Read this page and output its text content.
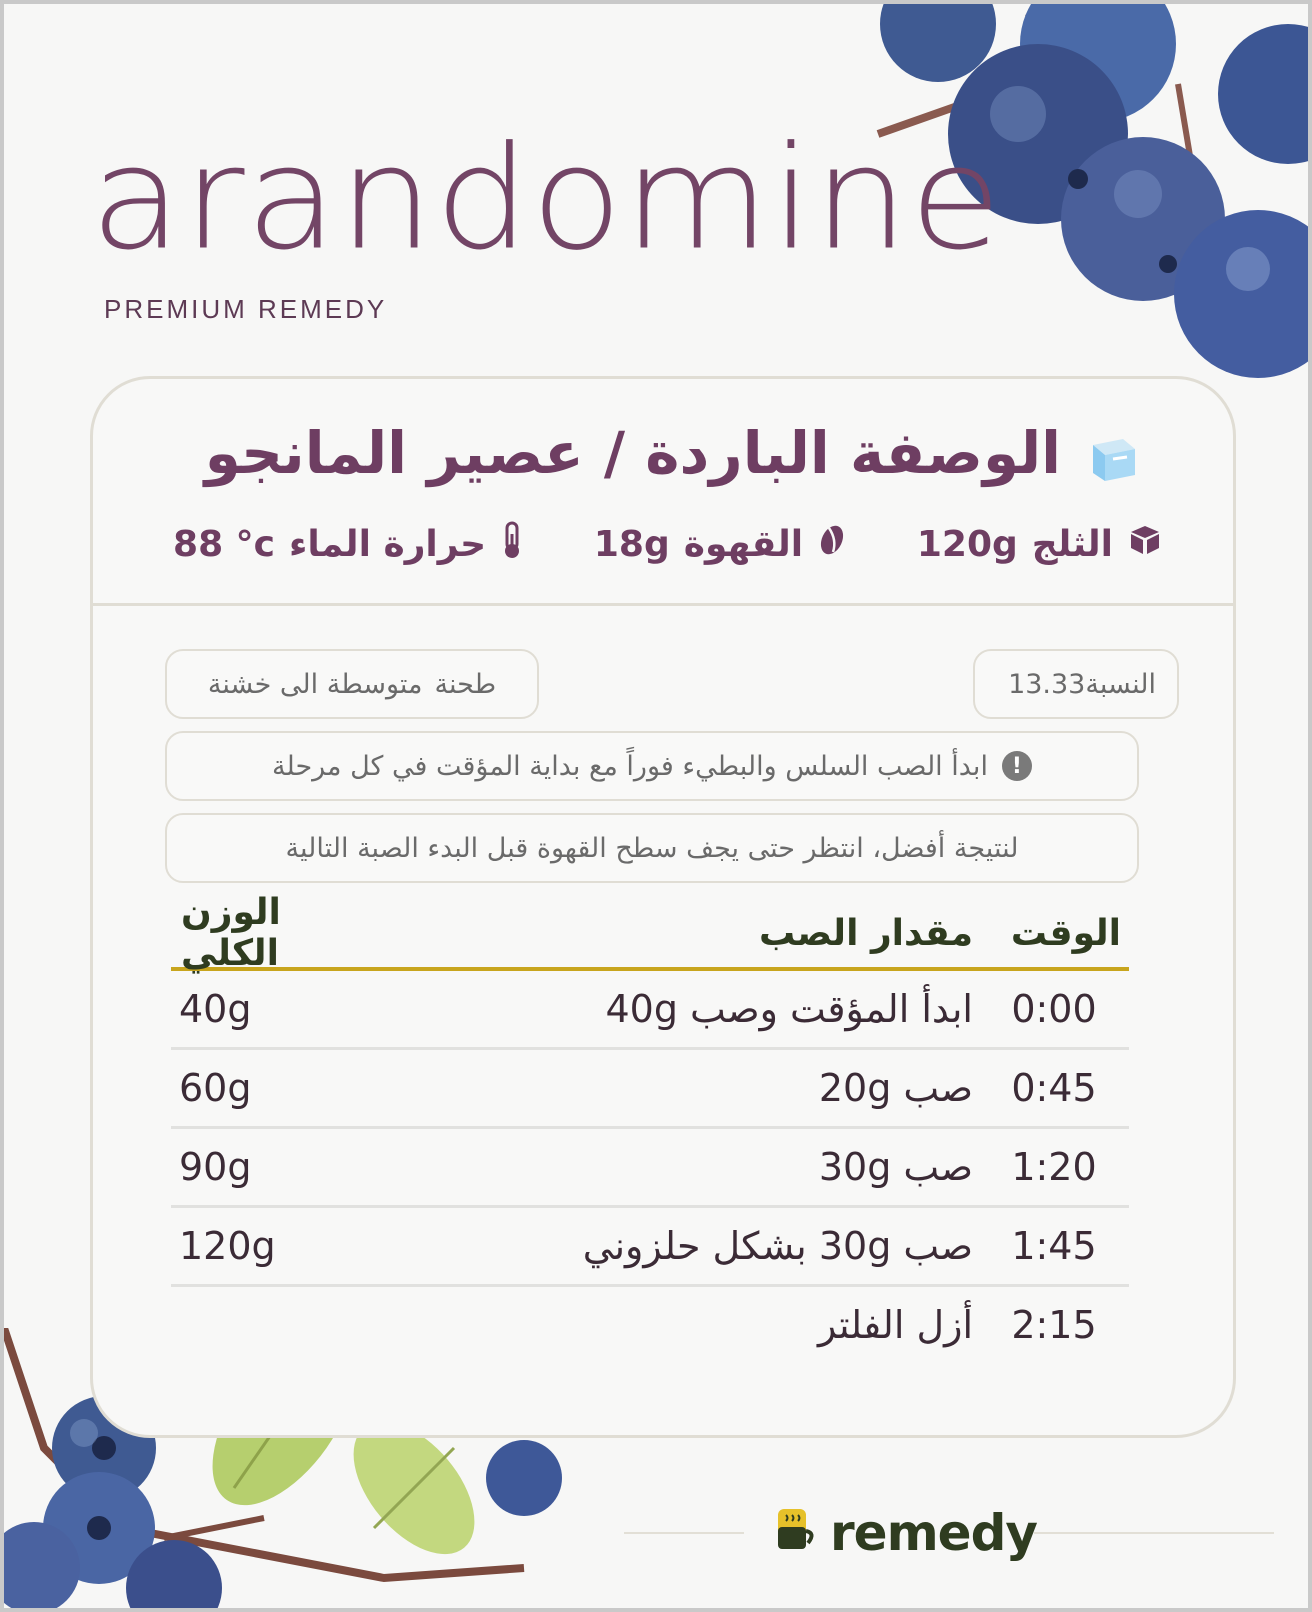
arandomine
PREMIUM REMEDY
الوصفة الباردة / عصير المانجو
الثلج
120g
القهوة
18g
حرارة الماء
88 °c
النسبة
13.33
طحنة
متوسطة الى خشنة
!
ابدأ الصب السلس والبطيء فوراً مع بداية المؤقت في كل مرحلة
لنتيجة أفضل، انتظر حتى يجف سطح القهوة قبل البدء الصبة التالية
الوقت
مقدار الصب
الوزن الكلي
0:00
ابدأ المؤقت وصب 40g
40g
0:45
صب 20g
60g
1:20
صب 30g
90g
1:45
صب 30g بشكل حلزوني
120g
2:15
أزل الفلتر
remedy
